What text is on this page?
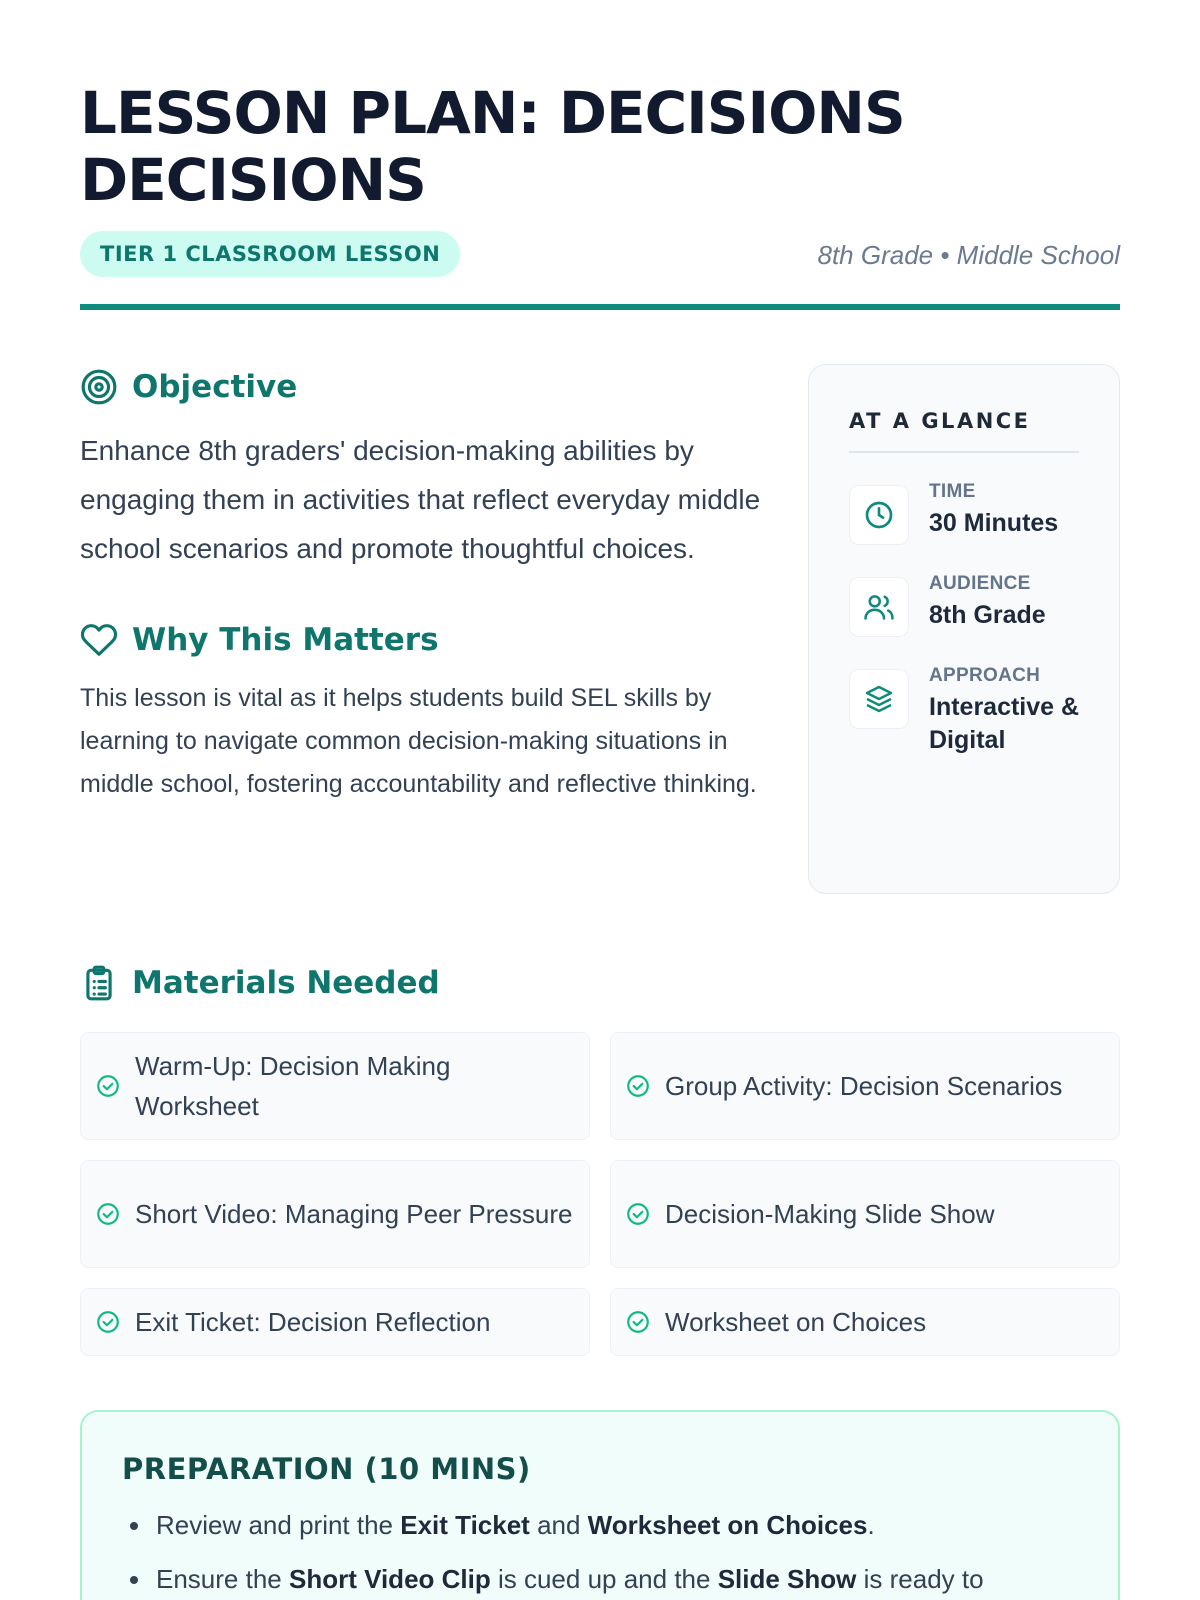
LESSON PLAN: DECISIONS DECISIONS
TIER 1 CLASSROOM LESSON	8th Grade • Middle School
Objective

Enhance 8th graders' decision-making abilities by engaging them in activities that reflect everyday middle school scenarios and promote thoughtful choices.

Why This Matters

This lesson is vital as it helps students build SEL skills by learning to navigate common decision-making situations in middle school, fostering accountability and reflective thinking.

AT A GLANCE
TIME
30 Minutes
AUDIENCE
8th Grade
APPROACH
Interactive & Digital
Materials Needed
Warm-Up: Decision Making Worksheet
Group Activity: Decision Scenarios
Short Video: Managing Peer Pressure	Decision-Making Slide Show
Exit Ticket: Decision Reflection	Worksheet on Choices
PREPARATION (10 MINS)
Review and print the Exit Ticket and Worksheet on Choices.
Ensure the Short Video Clip is cued up and the Slide Show is ready to
